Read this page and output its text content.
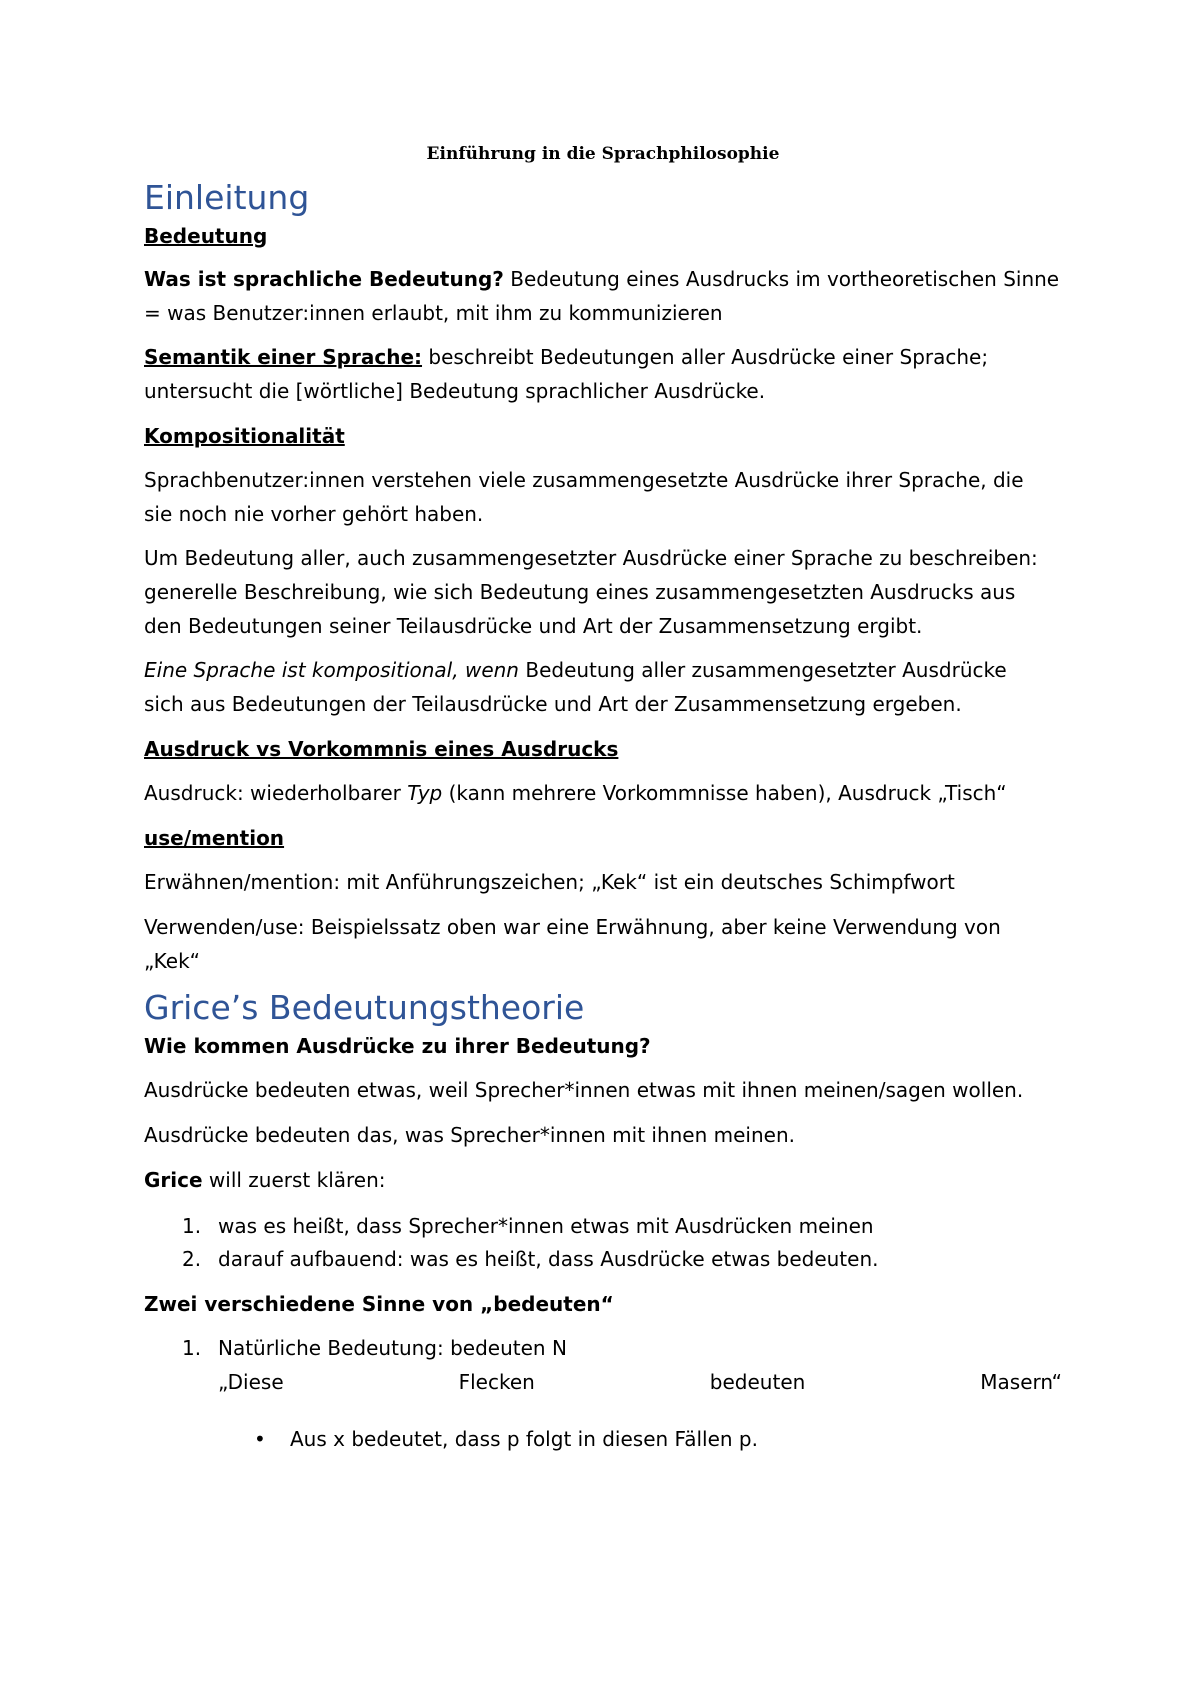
Einführung in die Sprachphilosophie
Einleitung

Bedeutung

Was ist sprachliche Bedeutung? Bedeutung eines Ausdrucks im vortheoretischen Sinne

= was Benutzer:innen erlaubt, mit ihm zu kommunizieren

Semantik einer Sprache: beschreibt Bedeutungen aller Ausdrücke einer Sprache;

untersucht die [wörtliche] Bedeutung sprachlicher Ausdrücke.

Kompositionalität

Sprachbenutzer:innen verstehen viele zusammengesetzte Ausdrücke ihrer Sprache, die

sie noch nie vorher gehört haben.

Um Bedeutung aller, auch zusammengesetzter Ausdrücke einer Sprache zu beschreiben:

generelle Beschreibung, wie sich Bedeutung eines zusammengesetzten Ausdrucks aus

den Bedeutungen seiner Teilausdrücke und Art der Zusammensetzung ergibt.

Eine Sprache ist kompositional, wenn Bedeutung aller zusammengesetzter Ausdrücke

sich aus Bedeutungen der Teilausdrücke und Art der Zusammensetzung ergeben.

Ausdruck vs Vorkommnis eines Ausdrucks

Ausdruck: wiederholbarer Typ (kann mehrere Vorkommnisse haben), Ausdruck „Tisch“

use/mention

Erwähnen/mention: mit Anführungszeichen; „Kek“ ist ein deutsches Schimpfwort

Verwenden/use: Beispielssatz oben war eine Erwähnung, aber keine Verwendung von

„Kek“

Grice’s Bedeutungstheorie

Wie kommen Ausdrücke zu ihrer Bedeutung?

Ausdrücke bedeuten etwas, weil Sprecher*innen etwas mit ihnen meinen/sagen wollen.

Ausdrücke bedeuten das, was Sprecher*innen mit ihnen meinen.

Grice will zuerst klären:

1. was es heißt, dass Sprecher*innen etwas mit Ausdrücken meinen

2. darauf aufbauend: was es heißt, dass Ausdrücke etwas bedeuten.

Zwei verschiedene Sinne von „bedeuten“

1. Natürliche Bedeutung: bedeuten N

„Diese	Flecken	bedeuten	Masern“

• Aus x bedeutet, dass p folgt in diesen Fällen p.
